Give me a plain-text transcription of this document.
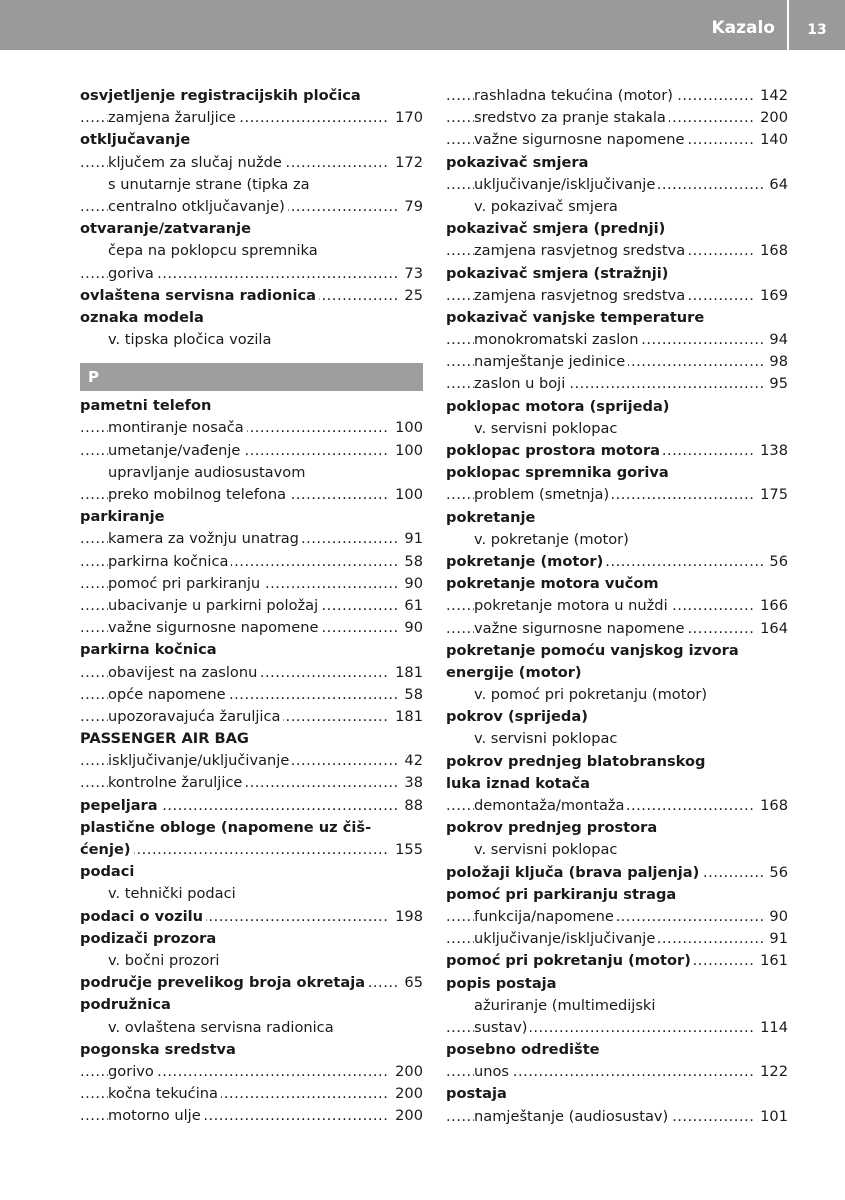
Kazalo	13
osvjetljenje registracijskih pločica
zamjena žaruljice	170
.....
otključavanje
ključem za slučaj nužde	172
.....
s unutarnje strane (tipka za
centralno otključavanje)	79
.....
otvaranje/zatvaranje
čepa na poklopcu spremnika
goriva	73
.....
ovlaštena servisna radionica	25
.....
oznaka modela
v. tipska pločica vozila
P
pametni telefon
montiranje nosača	100
.....
umetanje/vađenje	100
.....
upravljanje audiosustavom
preko mobilnog telefona	100
.....
parkiranje
kamera za vožnju unatrag	91
.....
parkirna kočnica	58
.....
pomoć pri parkiranju	90
.....
ubacivanje u parkirni položaj	61
.....
važne sigurnosne napomene	90
.....
parkirna kočnica
obavijest na zaslonu	181
.....
opće napomene	58
.....
upozoravajuća žaruljica	181
.....
PASSENGER AIR BAG
isključivanje/uključivanje	42
.....
kontrolne žaruljice	38
.....
pepeljara	88
.....
plastične obloge (napomene uz čiš-
ćenje)	155
.....
podaci
v. tehnički podaci
podaci o vozilu	198
.....
podizači prozora
v. bočni prozori
područje prevelikog broja okretaja	65
.....
podružnica
v. ovlaštena servisna radionica
pogonska sredstva
gorivo	200
.....
kočna tekućina	200
.....
motorno ulje	200
.....
rashladna tekućina (motor)	142
.....
sredstvo za pranje stakala	200
.....
važne sigurnosne napomene	140
.....
pokazivač smjera
uključivanje/isključivanje	64
.....
v. pokazivač smjera
pokazivač smjera (prednji)
zamjena rasvjetnog sredstva	168
.....
pokazivač smjera (stražnji)
zamjena rasvjetnog sredstva	169
.....
pokazivač vanjske temperature
monokromatski zaslon	94
.....
namještanje jedinice	98
.....
zaslon u boji	95
.....
poklopac motora (sprijeda)
v. servisni poklopac
poklopac prostora motora	138
.....
poklopac spremnika goriva
problem (smetnja)	175
.....
pokretanje
v. pokretanje (motor)
pokretanje (motor)	56
.....
pokretanje motora vučom
pokretanje motora u nuždi	166
.....
važne sigurnosne napomene	164
.....
pokretanje pomoću vanjskog izvora
energije (motor)
v. pomoć pri pokretanju (motor)
pokrov (sprijeda)
v. servisni poklopac
pokrov prednjeg blatobranskog
luka iznad kotača
demontaža/montaža	168
.....
pokrov prednjeg prostora
v. servisni poklopac
položaji ključa (brava paljenja)	56
.....
pomoć pri parkiranju straga
funkcija/napomene	90
.....
uključivanje/isključivanje	91
.....
pomoć pri pokretanju (motor)	161
.....
popis postaja
ažuriranje (multimedijski
sustav)	114
.....
posebno odredište
unos	122
.....
postaja
namještanje (audiosustav)	101
.....
